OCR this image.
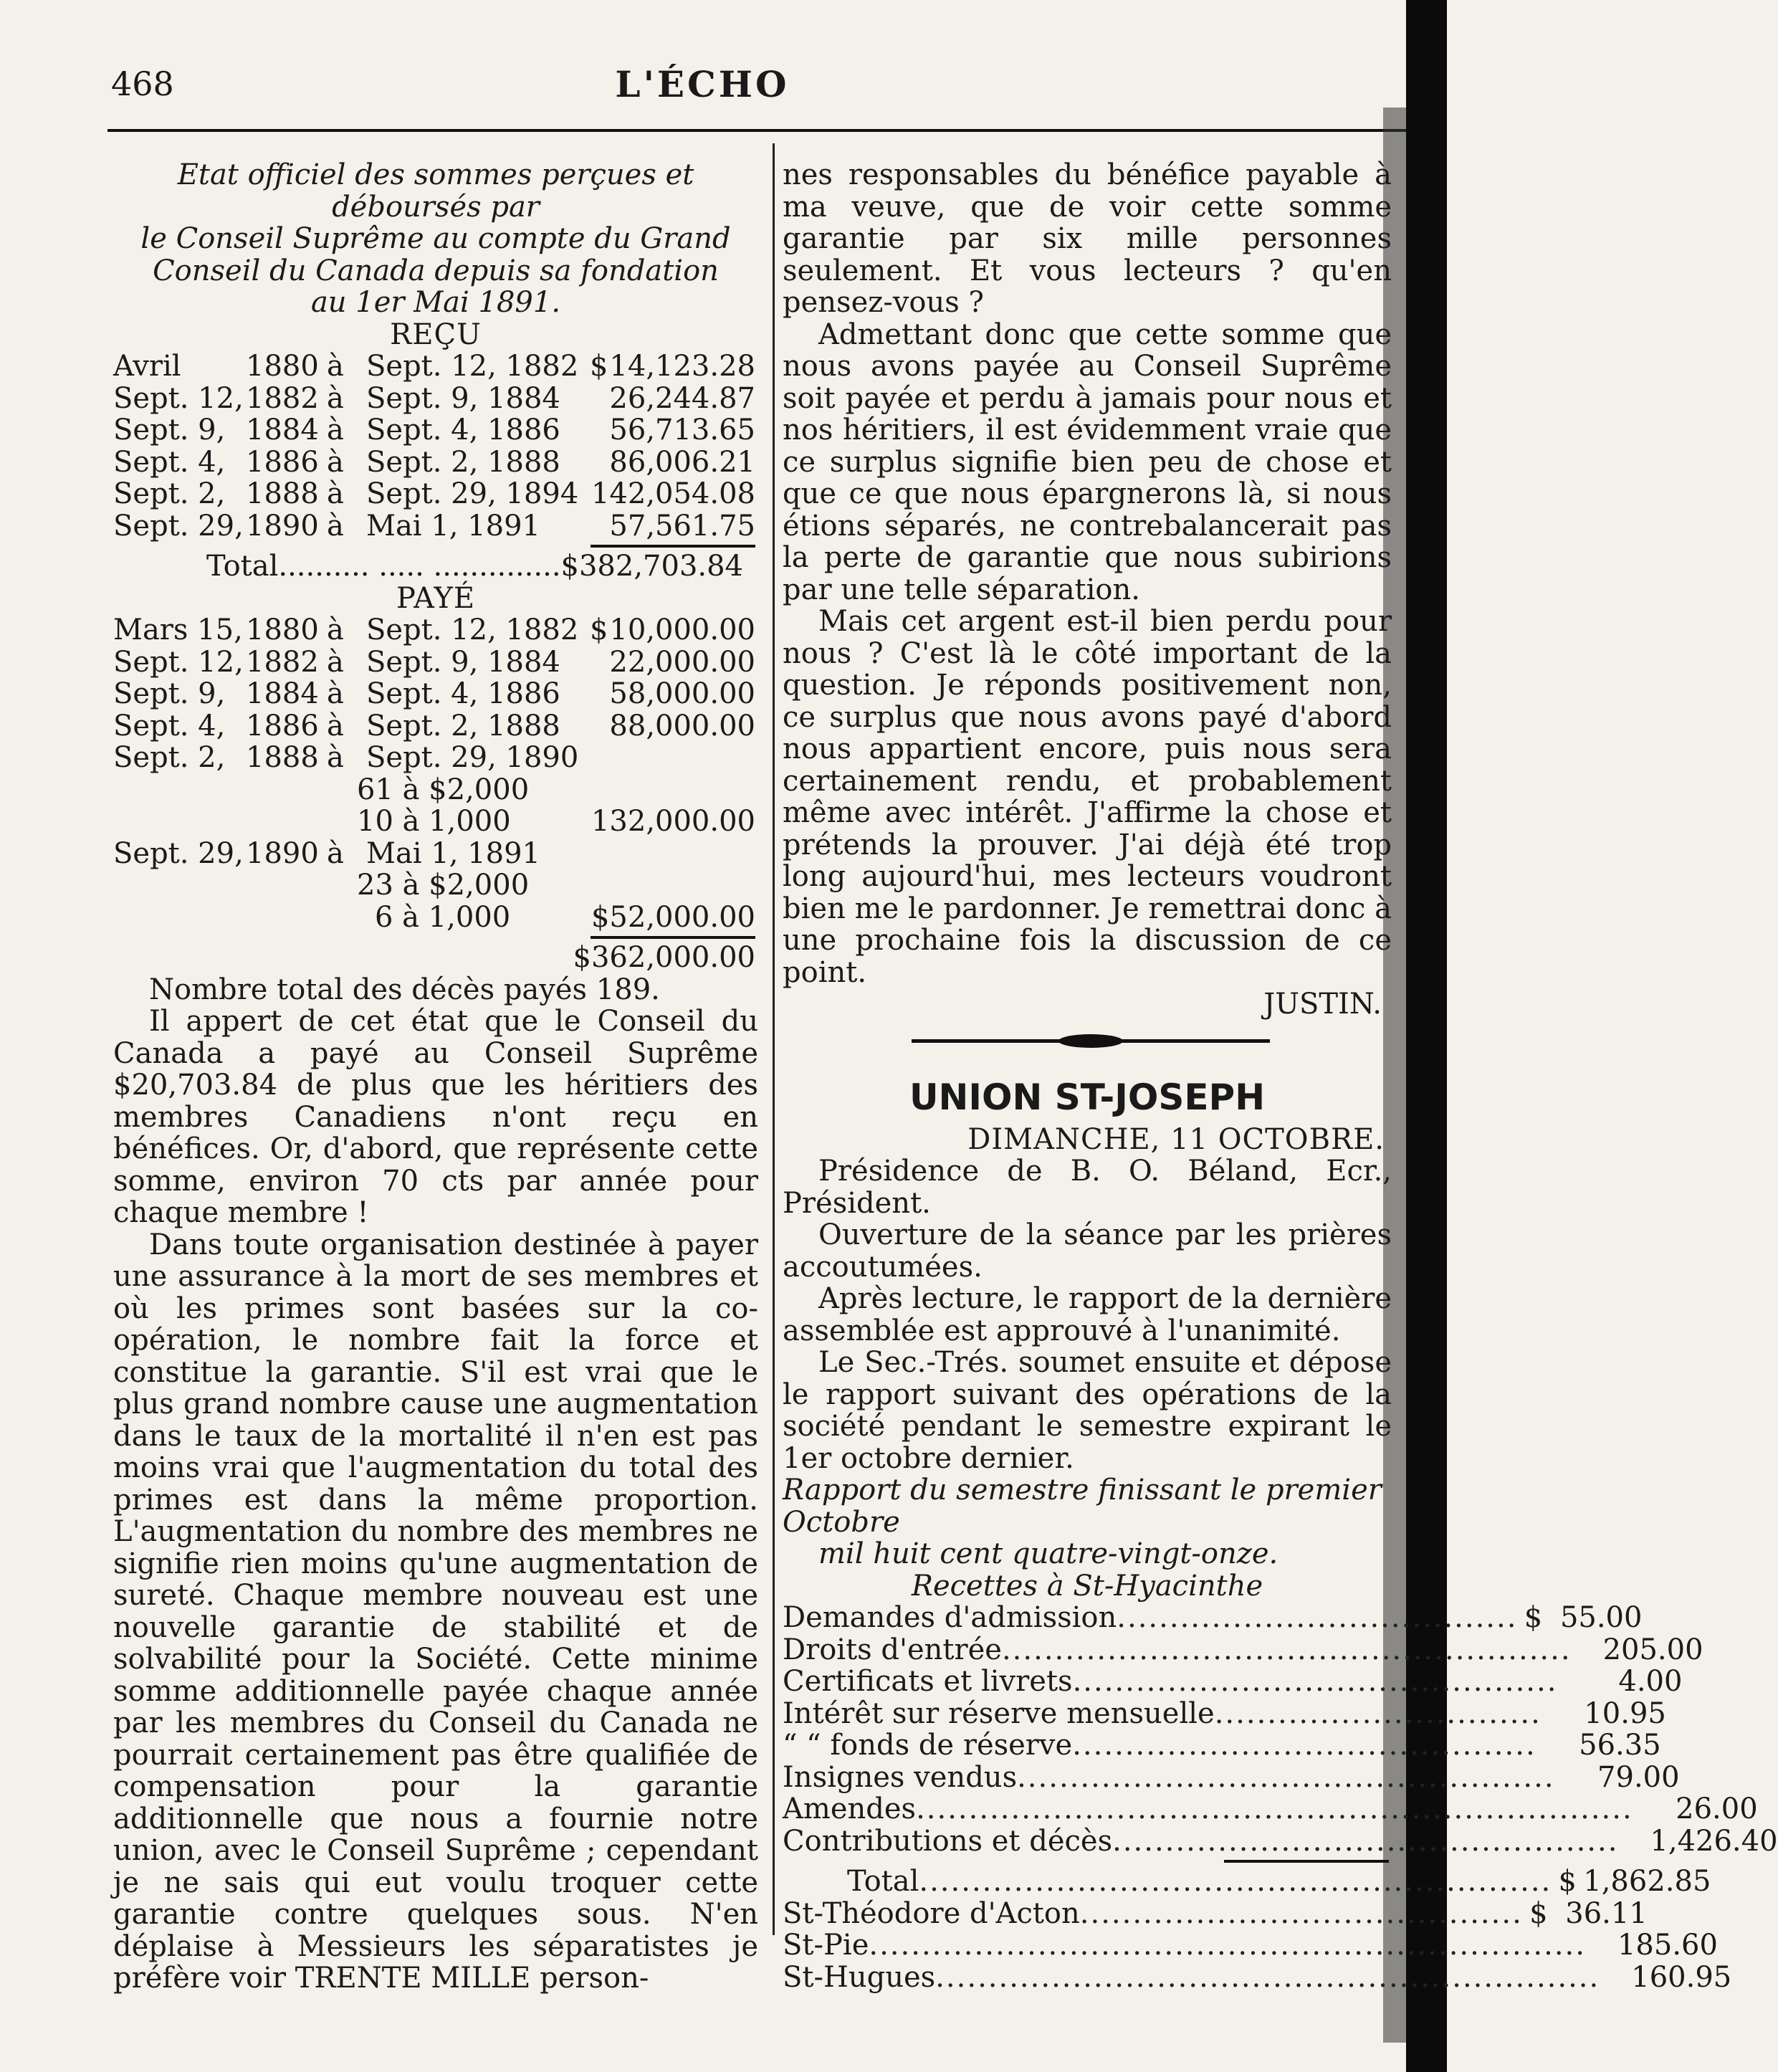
468	L'ÉCHO
Etat officiel des sommes perçues et déboursés par
le Conseil Suprême au compte du Grand
Conseil du Canada depuis sa fondation
au 1er Mai 1891.
REÇU
Avril 1880 à Sept. 12, 1882 $ 14,123.28
Sept. 12, 1882 à Sept. 9, 1884 26,244.87
Sept. 9, 1884 à Sept. 4, 1886 56,713.65
Sept. 4, 1886 à Sept. 2, 1888 86,006.21
Sept. 2, 1888 à Sept. 29, 1894 142,054.08
Sept. 29, 1890 à Mai 1, 1891 57,561.75
Total.......... ..... ..............$382,703.84
PAYÉ
Mars 15, 1880 à Sept. 12, 1882 $ 10,000.00
Sept. 12, 1882 à Sept. 9, 1884 22,000.00
Sept. 9, 1884 à Sept. 4, 1886 58,000.00
Sept. 4, 1886 à Sept. 2, 1888 88,000.00
Sept. 2, 1888 à Sept. 29, 1890
61 à $2,000
10 à 1,000	132,000.00
Sept. 29, 1890 à Mai 1, 1891
23 à $2,000
6 à 1,000	$52,000.00
$362,000.00
Nombre total des décès payés 189.
Il appert de cet état que le Conseil du Canada a payé au Conseil Suprême $20,703.84 de plus que les héritiers des membres Canadiens n'ont reçu en bénéfices. Or, d'abord, que représente cette somme, environ 70 cts par année pour chaque membre !
Dans toute organisation destinée à payer une assurance à la mort de ses membres et où les primes sont basées sur la co-opération, le nombre fait la force et constitue la garantie. S'il est vrai que le plus grand nombre cause une augmentation dans le taux de la mortalité il n'en est pas moins vrai que l'augmentation du total des primes est dans la même proportion. L'augmentation du nombre des membres ne signifie rien moins qu'une augmentation de sureté. Chaque membre nouveau est une nouvelle garantie de stabilité et de solvabilité pour la Société. Cette minime somme additionnelle payée chaque année par les membres du Conseil du Canada ne pourrait certainement pas être qualifiée de compensation pour la garantie additionnelle que nous a fournie notre union, avec le Conseil Suprême ; cependant je ne sais qui eut voulu troquer cette garantie contre quelques sous. N'en déplaise à Messieurs les séparatistes je préfère voir TRENTE MILLE person-
nes responsables du bénéfice payable à ma veuve, que de voir cette somme garantie par six mille personnes seulement. Et vous lecteurs ? qu'en pensez-vous ?
Admettant donc que cette somme que nous avons payée au Conseil Suprême soit payée et perdu à jamais pour nous et nos héritiers, il est évidemment vraie que ce surplus signifie bien peu de chose et que ce que nous épargnerons là, si nous étions séparés, ne contrebalancerait pas la perte de garantie que nous subirions par une telle séparation.
Mais cet argent est-il bien perdu pour nous ? C'est là le côté important de la question. Je réponds positivement non, ce surplus que nous avons payé d'abord nous appartient encore, puis nous sera certainement rendu, et probablement même avec intérêt. J'affirme la chose et prétends la prouver. J'ai déjà été trop long aujourd'hui, mes lecteurs voudront bien me le pardonner. Je remettrai donc à une prochaine fois la discussion de ce point.
JUSTIN.
UNION ST-JOSEPH
DIMANCHE, 11 OCTOBRE.
Présidence de B. O. Béland, Ecr., Président.
Ouverture de la séance par les prières accoutumées.
Après lecture, le rapport de la dernière assemblée est approuvé à l'unanimité.
Le Sec.-Trés. soumet ensuite et dépose le rapport suivant des opérations de la société pendant le semestre expirant le 1er octobre dernier.
Rapport du semestre finissant le premier Octobre
mil huit cent quatre-vingt-onze.
Recettes à St-Hyacinthe
Demandes d'admission ...................................... $ 55.00
Droits d'entrée ...................................................... 205.00
Certificats et livrets ..............................................	4.00
Intérêt sur réserve mensuelle ...............................	10.95
“ “ fonds de réserve ............................................	56.35
Insignes vendus ...................................................	79.00
Amendes ....................................................................	26.00
Contributions et décès ................................................ 1,426.40
Total ............................................................ $ 1,862.85
St-Théodore d'Acton .......................................... $ 36.11
St-Pie .................................................................... 185.60
St-Hugues ............................................................... 160.95
